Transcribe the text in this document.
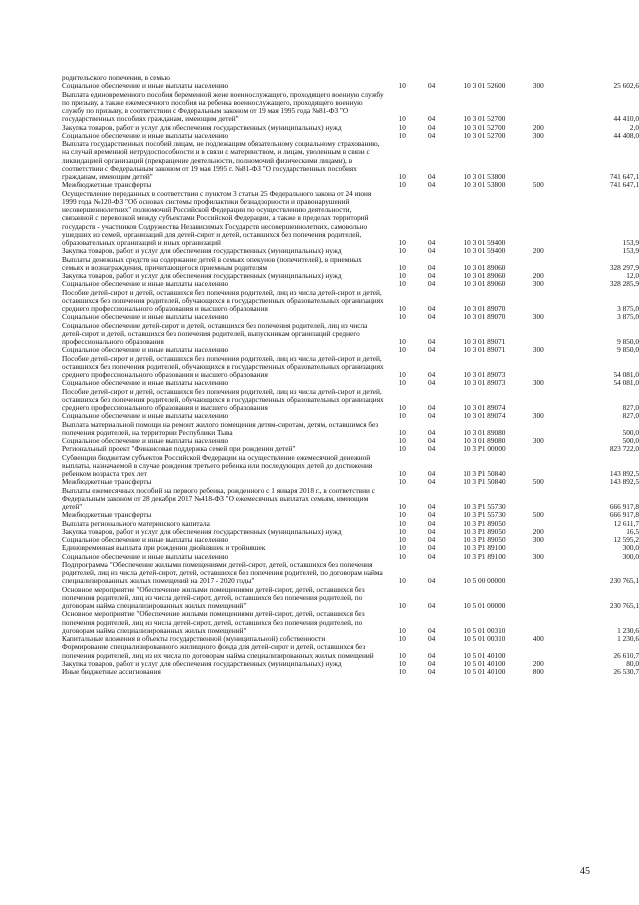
родительского попечения, в семью					
Социальное обеспечение и иные выплаты населению	10	04	10 3 01 52600	300	25 602,6
Выплата единовременного пособия беременной жене военнослужащего, проходящего военную службу по призыву, а также ежемесячного пособия на ребенка военнослужащего, проходящего военную службу по призыву, в соответствии с Федеральным законом от 19 мая 1995 года №81-ФЗ "О государственных пособиях гражданам, имеющим детей"	10	04	10 3 01 52700		44 410,0
Закупка товаров, работ и услуг для обеспечения государственных (муниципальных) нужд	10	04	10 3 01 52700	200	2,0
Социальное обеспечение и иные выплаты населению	10	04	10 3 01 52700	300	44 408,0
Выплата государственных пособий лицам, не подлежащим обязательному социальному страхованию, на случай временной нетрудоспособности и в связи с материнством, и лицам, уволенным в связи с ликвидацией организаций (прекращение деятельности, полномочий физическими лицами), в соответствии с Федеральным законом от 19 мая 1995 г. №81-ФЗ "О государственных пособиях гражданам, имеющим детей"	10	04	10 3 01 53800		741 647,1
Межбюджетные трансферты	10	04	10 3 01 53800	500	741 647,1
Осуществление переданных в соответствии с пунктом 3 статьи 25 Федерального закона от 24 июня 1999 года №120-ФЗ "Об основах системы профилактики безнадзорности и правонарушений несовершеннолетних" полномочий Российской Федерации по осуществлению деятельности, связанной с перевозкой между субъектами Российской Федерации, а также в пределах территорий государств - участников Содружества Независимых Государств несовершеннолетних, самовольно ушедших из семей, организаций для детей-сирот и детей, оставшихся без попечения родителей, образовательных организаций и иных организаций	10	04	10 3 01 59400		153,9
Закупка товаров, работ и услуг для обеспечения государственных (муниципальных) нужд	10	04	10 3 01 59400	200	153,9
Выплаты денежных средств на содержание детей в семьях опекунов (попечителей), в приемных семьях и вознаграждения, причитающегося приемным родителям	10	04	10 3 01 89060		328 297,9
Закупка товаров, работ и услуг для обеспечения государственных (муниципальных) нужд	10	04	10 3 01 89060	200	12,0
Социальное обеспечение и иные выплаты населению	10	04	10 3 01 89060	300	328 285,9
Пособие детей-сирот и детей, оставшихся без попечения родителей, лиц из числа детей-сирот и детей, оставшихся без попечения родителей, обучающихся в государственных образовательных организациях среднего профессионального образования и высшего образования	10	04	10 3 01 89070		3 875,0
Социальное обеспечение и иные выплаты населению	10	04	10 3 01 89070	300	3 875,0
Социальное обеспечение детей-сирот и детей, оставшихся без попечения родителей, лиц из числа детей-сирот и детей, оставшихся без попечения родителей, выпускникам организаций среднего профессионального образования	10	04	10 3 01 89071		9 850,0
Социальное обеспечение и иные выплаты населению	10	04	10 3 01 89071	300	9 850,0
Пособие детей-сирот и детей, оставшихся без попечения родителей, лиц из числа детей-сирот и детей, оставшихся без попечения родителей, обучающихся в государственных образовательных организациях среднего профессионального образования и высшего образования	10	04	10 3 01 89073		54 081,0
Социальное обеспечение и иные выплаты населению	10	04	10 3 01 89073	300	54 081,0
Пособие детей-сирот и детей, оставшихся без попечения родителей, лиц из числа детей-сирот и детей, оставшихся без попечения родителей, обучающихся в государственных образовательных организациях среднего профессионального образования и высшего образования	10	04	10 3 01 89074		827,0
Социальное обеспечение и иные выплаты населению	10	04	10 3 01 89074	300	827,0
Выплата материальной помощи на ремонт жилого помещения детям-сиротам, детям, оставшимся без попечения родителей, на территории Республики Тыва	10	04	10 3 01 89080		500,0
Социальное обеспечение и иные выплаты населению	10	04	10 3 01 89080	300	500,0
Региональный проект "Финансовая поддержка семей при рождении детей"	10	04	10 3 P1 00000		823 722,0
Субвенции бюджетам субъектов Российской Федерации на осуществление ежемесячной денежной выплаты, назначаемой в случае рождения третьего ребенка или последующих детей до достижения ребенком возраста трех лет	10	04	10 3 P1 50840		143 892,5
Межбюджетные трансферты	10	04	10 3 P1 50840	500	143 892,5
Выплаты ежемесячных пособий на первого ребенка, рожденного с 1 января 2018 г., в соответствии с Федеральным законом от 28 декабря 2017 №418-ФЗ "О ежемесячных выплатах семьям, имеющим детей"	10	04	10 3 P1 55730		666 917,8
Межбюджетные трансферты	10	04	10 3 P1 55730	500	666 917,8
Выплата регионального материнского капитала	10	04	10 3 P1 89050		12 611,7
Закупка товаров, работ и услуг для обеспечения государственных (муниципальных) нужд	10	04	10 3 P1 89050	200	16,5
Социальное обеспечение и иные выплаты населению	10	04	10 3 P1 89050	300	12 595,2
Единовременная выплата при рождении двойняшек и тройняшек	10	04	10 3 P1 89100		300,0
Социальное обеспечение и иные выплаты населению	10	04	10 3 P1 89100	300	300,0
Подпрограмма "Обеспечение жилыми помещениями детей-сирот, детей, оставшихся без попечения родителей, лиц из числа детей-сирот, детей, оставшихся без попечения родителей, по договорам найма специализированных жилых помещений на 2017 - 2020 годы"	10	04	10 5 00 00000		230 765,1
Основное мероприятие "Обеспечение жилыми помещениями детей-сирот, детей, оставшихся без попечения родителей, лиц из числа детей-сирот, детей, оставшихся без попечения родителей, по договорам найма специализированных жилых помещений"	10	04	10 5 01 00000		230 765,1
Основное мероприятие "Обеспечение жилыми помещениями детей-сирот, детей, оставшихся без попечения родителей, лиц из числа детей-сирот, детей, оставшихся без попечения родителей, по договорам найма специализированных жилых помещений"	10	04	10 5 01 00310		1 230,6
Капитальные вложения в объекты государственной (муниципальной) собственности	10	04	10 5 01 00310	400	1 230,6
Формирование специализированного жилищного фонда для детей-сирот и детей, оставшихся без попечения родителей, лиц из их числа по договорам найма специализированных жилых помещений	10	04	10 5 01 40100		26 610,7
Закупка товаров, работ и услуг для обеспечения государственных (муниципальных) нужд	10	04	10 5 01 40100	200	80,0
Иные бюджетные ассигнования	10	04	10 5 01 40100	800	26 530,7
45
